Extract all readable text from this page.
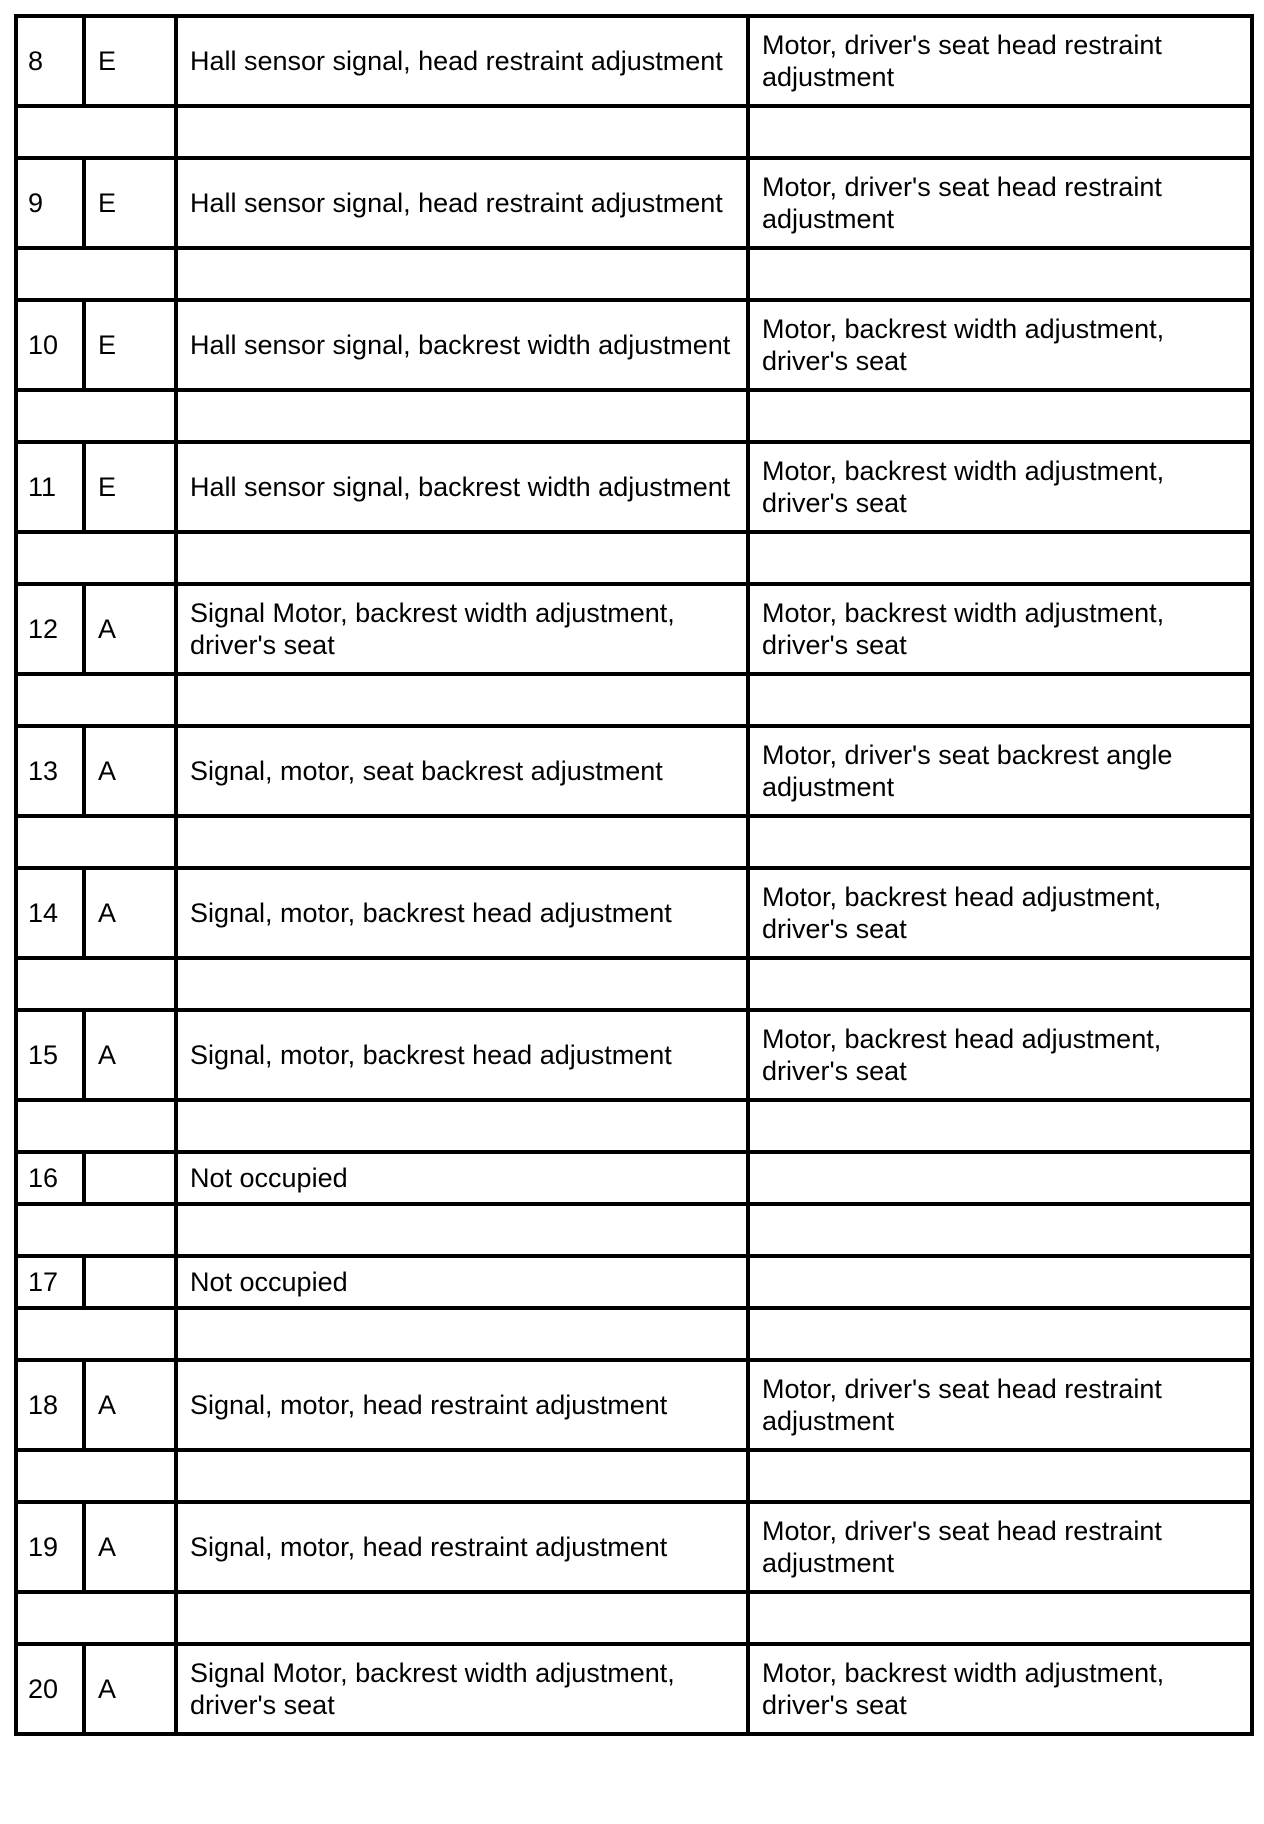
8	E	Hall sensor signal, head restraint adjustment	Motor, driver's seat head restraint adjustment

9	E	Hall sensor signal, head restraint adjustment	Motor, driver's seat head restraint adjustment

10	E	Hall sensor signal, backrest width adjustment	Motor, backrest width adjustment, driver's seat

11	E	Hall sensor signal, backrest width adjustment	Motor, backrest width adjustment, driver's seat

12	A	Signal Motor, backrest width adjustment, driver's seat	Motor, backrest width adjustment, driver's seat

13	A	Signal, motor, seat backrest adjustment	Motor, driver's seat backrest angle adjustment

14	A	Signal, motor, backrest head adjustment	Motor, backrest head adjustment, driver's seat

15	A	Signal, motor, backrest head adjustment	Motor, backrest head adjustment, driver's seat

16		Not occupied	

17		Not occupied	

18	A	Signal, motor, head restraint adjustment	Motor, driver's seat head restraint adjustment

19	A	Signal, motor, head restraint adjustment	Motor, driver's seat head restraint adjustment

20	A	Signal Motor, backrest width adjustment, driver's seat	Motor, backrest width adjustment, driver's seat
